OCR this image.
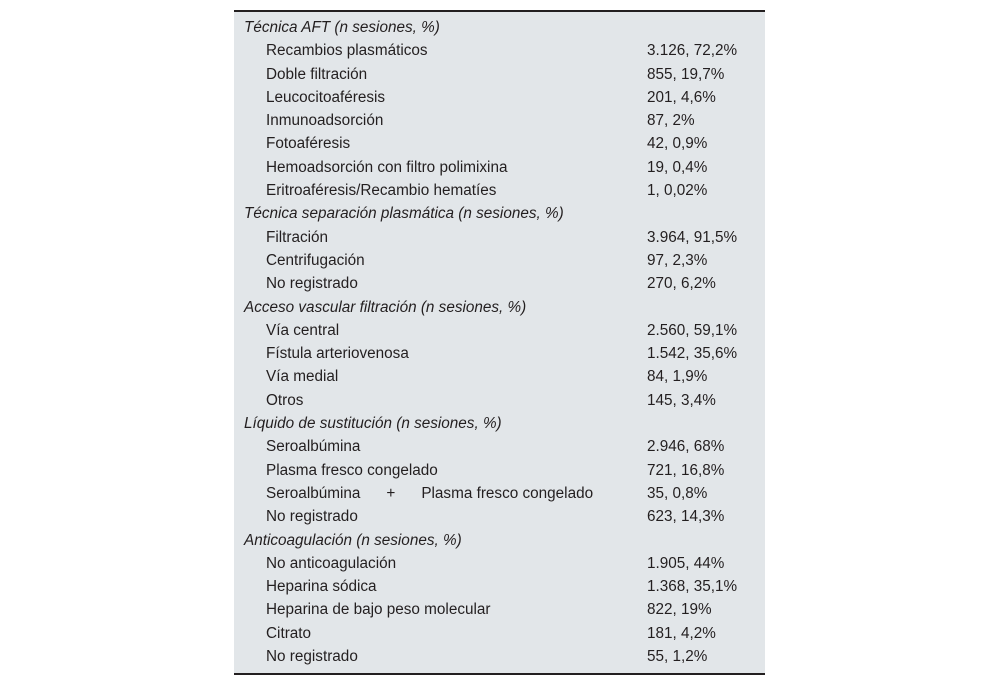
Técnica AFT (n sesiones, %)	
Recambios plasmáticos	3.126, 72,2%
Doble filtración	855, 19,7%
Leucocitoaféresis	201, 4,6%
Inmunoadsorción	87, 2%
Fotoaféresis	42, 0,9%
Hemoadsorción con filtro polimixina	19, 0,4%
Eritroaféresis/Recambio hematíes	1, 0,02%
Técnica separación plasmática (n sesiones, %)	
Filtración	3.964, 91,5%
Centrifugación	97, 2,3%
No registrado	270, 6,2%
Acceso vascular filtración (n sesiones, %)	
Vía central	2.560, 59,1%
Fístula arteriovenosa	1.542, 35,6%
Vía medial	84, 1,9%
Otros	145, 3,4%
Líquido de sustitución (n sesiones, %)	
Seroalbúmina	2.946, 68%
Plasma fresco congelado	721, 16,8%
Seroalbúmina + Plasma fresco congelado	35, 0,8%
No registrado	623, 14,3%
Anticoagulación (n sesiones, %)	
No anticoagulación	1.905, 44%
Heparina sódica	1.368, 35,1%
Heparina de bajo peso molecular	822, 19%
Citrato	181, 4,2%
No registrado	55, 1,2%
